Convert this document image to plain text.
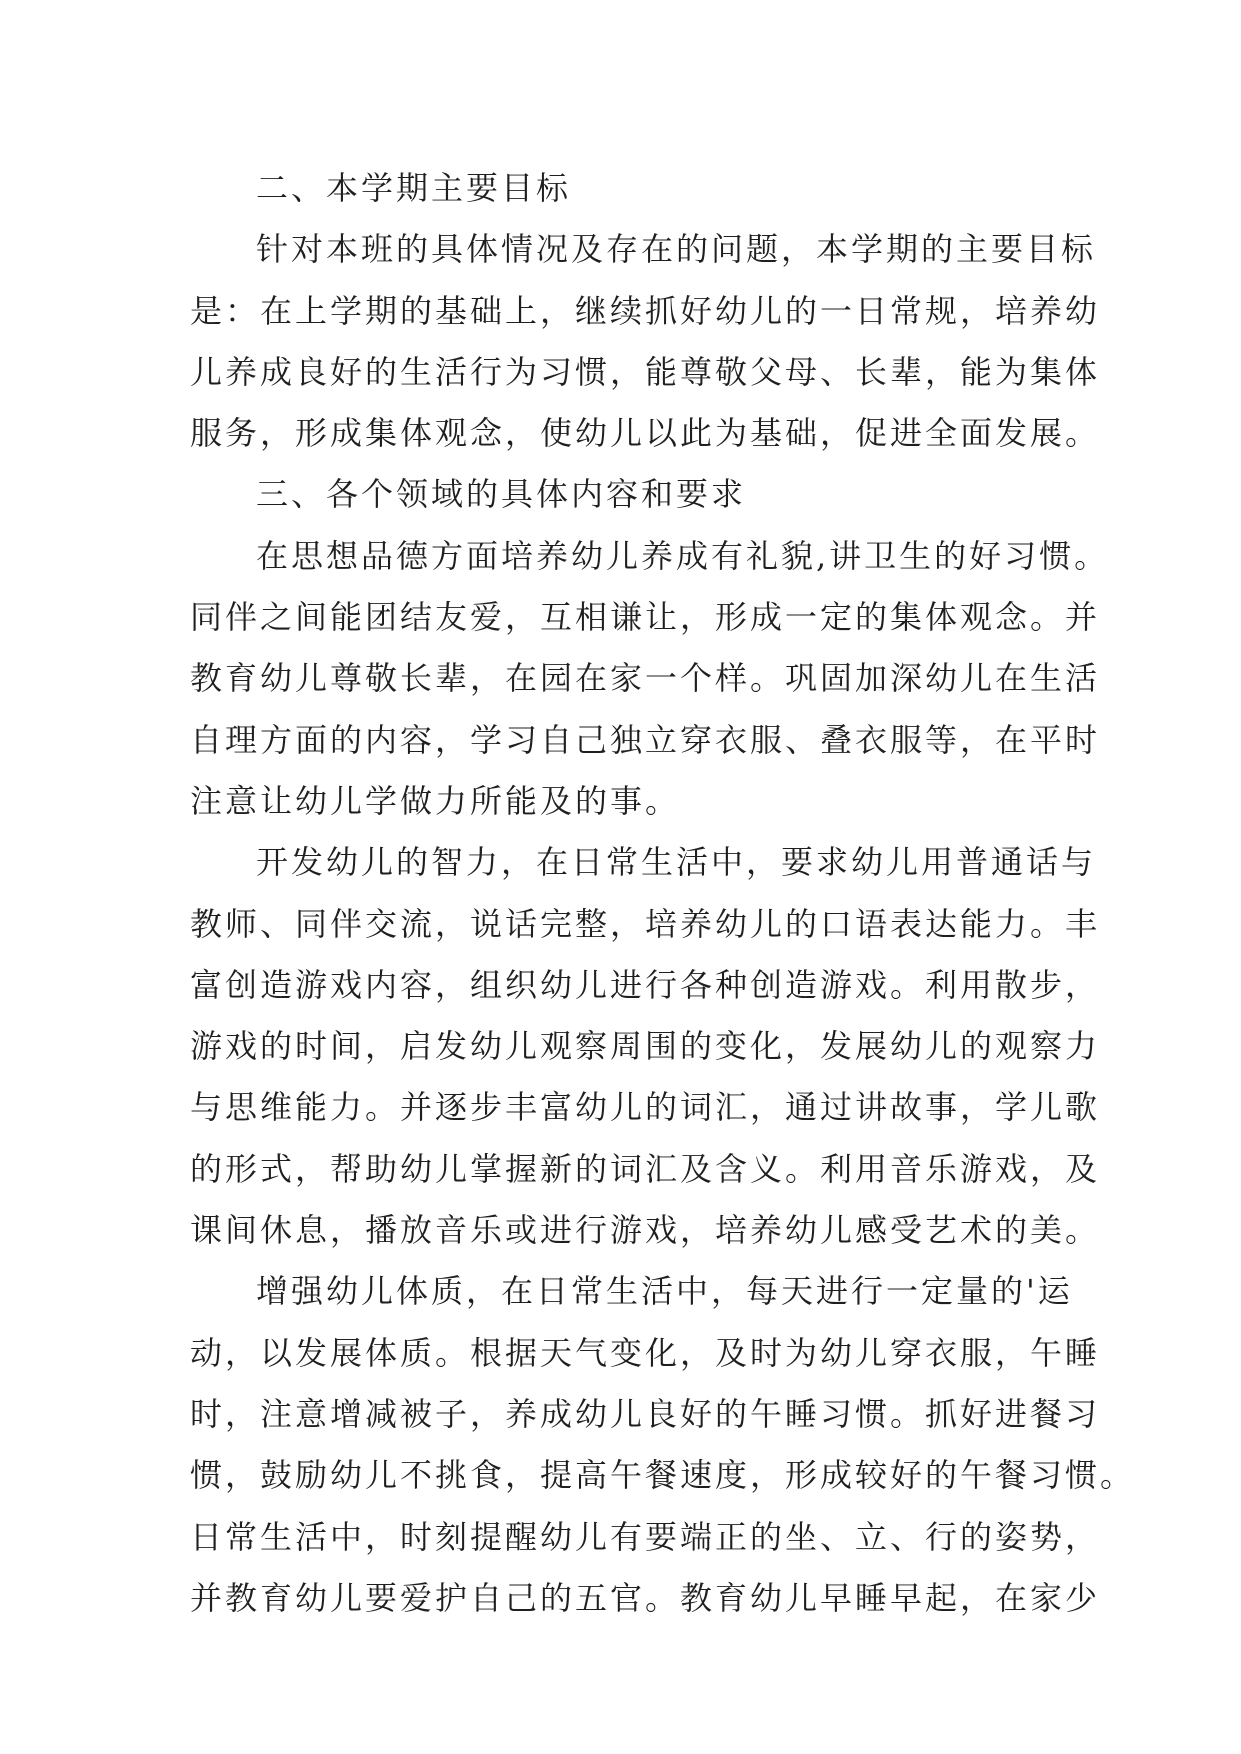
二、本学期主要目标
针对本班的具体情况及存在的问题，本学期的主要目标
是：在上学期的基础上，继续抓好幼儿的一日常规，培养幼
儿养成良好的生活行为习惯，能尊敬父母、长辈，能为集体
服务，形成集体观念，使幼儿以此为基础，促进全面发展。
三、各个领域的具体内容和要求
在思想品德方面培养幼儿养成有礼貌,讲卫生的好习惯。
同伴之间能团结友爱，互相谦让，形成一定的集体观念。并
教育幼儿尊敬长辈，在园在家一个样。巩固加深幼儿在生活
自理方面的内容，学习自己独立穿衣服、叠衣服等，在平时
注意让幼儿学做力所能及的事。
开发幼儿的智力，在日常生活中，要求幼儿用普通话与
教师、同伴交流，说话完整，培养幼儿的口语表达能力。丰
富创造游戏内容，组织幼儿进行各种创造游戏。利用散步，
游戏的时间，启发幼儿观察周围的变化，发展幼儿的观察力
与思维能力。并逐步丰富幼儿的词汇，通过讲故事，学儿歌
的形式，帮助幼儿掌握新的词汇及含义。利用音乐游戏，及
课间休息，播放音乐或进行游戏，培养幼儿感受艺术的美。
增强幼儿体质，在日常生活中，每天进行一定量的'运
动，以发展体质。根据天气变化，及时为幼儿穿衣服，午睡
时，注意增减被子，养成幼儿良好的午睡习惯。抓好进餐习
惯，鼓励幼儿不挑食，提高午餐速度，形成较好的午餐习惯。
日常生活中，时刻提醒幼儿有要端正的坐、立、行的姿势，
并教育幼儿要爱护自己的五官。教育幼儿早睡早起，在家少
